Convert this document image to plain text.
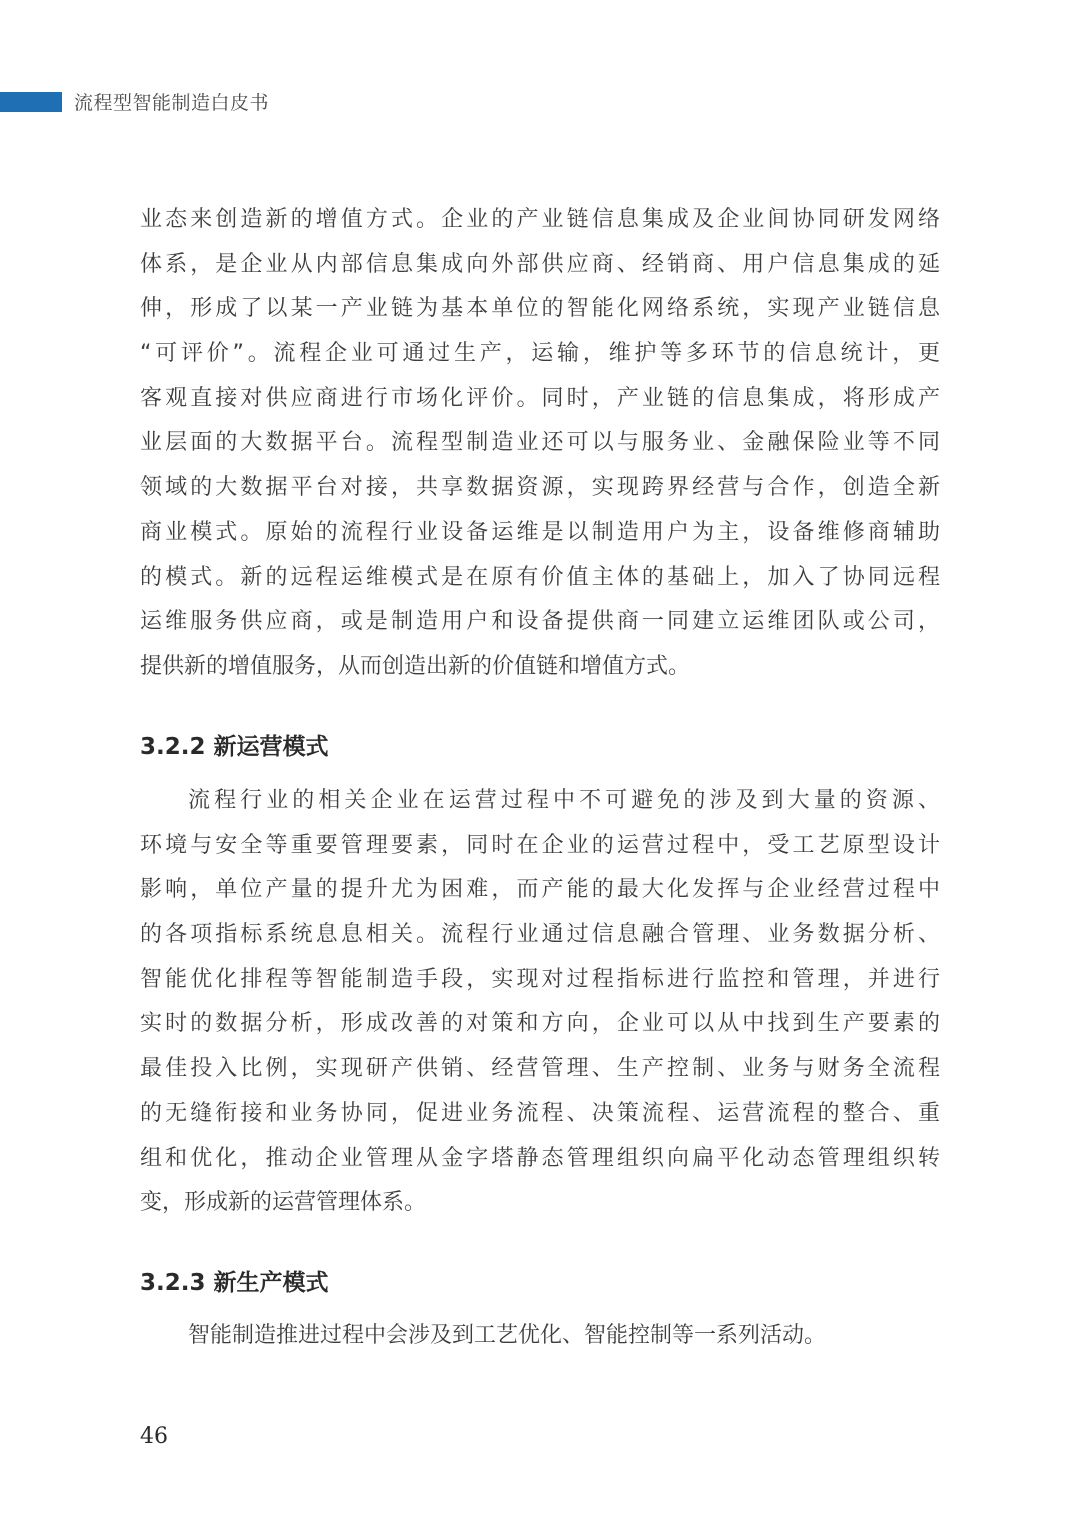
流程型智能制造白皮书

业态来创造新的增值方式。企业的产业链信息集成及企业间协同研发网络
体系，是企业从内部信息集成向外部供应商、经销商、用户信息集成的延
伸，形成了以某一产业链为基本单位的智能化网络系统，实现产业链信息
“可评价”。流程企业可通过生产，运输，维护等多环节的信息统计，更
客观直接对供应商进行市场化评价。同时，产业链的信息集成，将形成产
业层面的大数据平台。流程型制造业还可以与服务业、金融保险业等不同
领域的大数据平台对接，共享数据资源，实现跨界经营与合作，创造全新
商业模式。原始的流程行业设备运维是以制造用户为主，设备维修商辅助
的模式。新的远程运维模式是在原有价值主体的基础上，加入了协同远程
运维服务供应商，或是制造用户和设备提供商一同建立运维团队或公司，
提供新的增值服务，从而创造出新的价值链和增值方式。

3.2.2 新运营模式

流程行业的相关企业在运营过程中不可避免的涉及到大量的资源、
环境与安全等重要管理要素，同时在企业的运营过程中，受工艺原型设计
影响，单位产量的提升尤为困难，而产能的最大化发挥与企业经营过程中
的各项指标系统息息相关。流程行业通过信息融合管理、业务数据分析、
智能优化排程等智能制造手段，实现对过程指标进行监控和管理，并进行
实时的数据分析，形成改善的对策和方向，企业可以从中找到生产要素的
最佳投入比例，实现研产供销、经营管理、生产控制、业务与财务全流程
的无缝衔接和业务协同，促进业务流程、决策流程、运营流程的整合、重
组和优化，推动企业管理从金字塔静态管理组织向扁平化动态管理组织转
变，形成新的运营管理体系。

3.2.3 新生产模式

智能制造推进过程中会涉及到工艺优化、智能控制等一系列活动。

46
